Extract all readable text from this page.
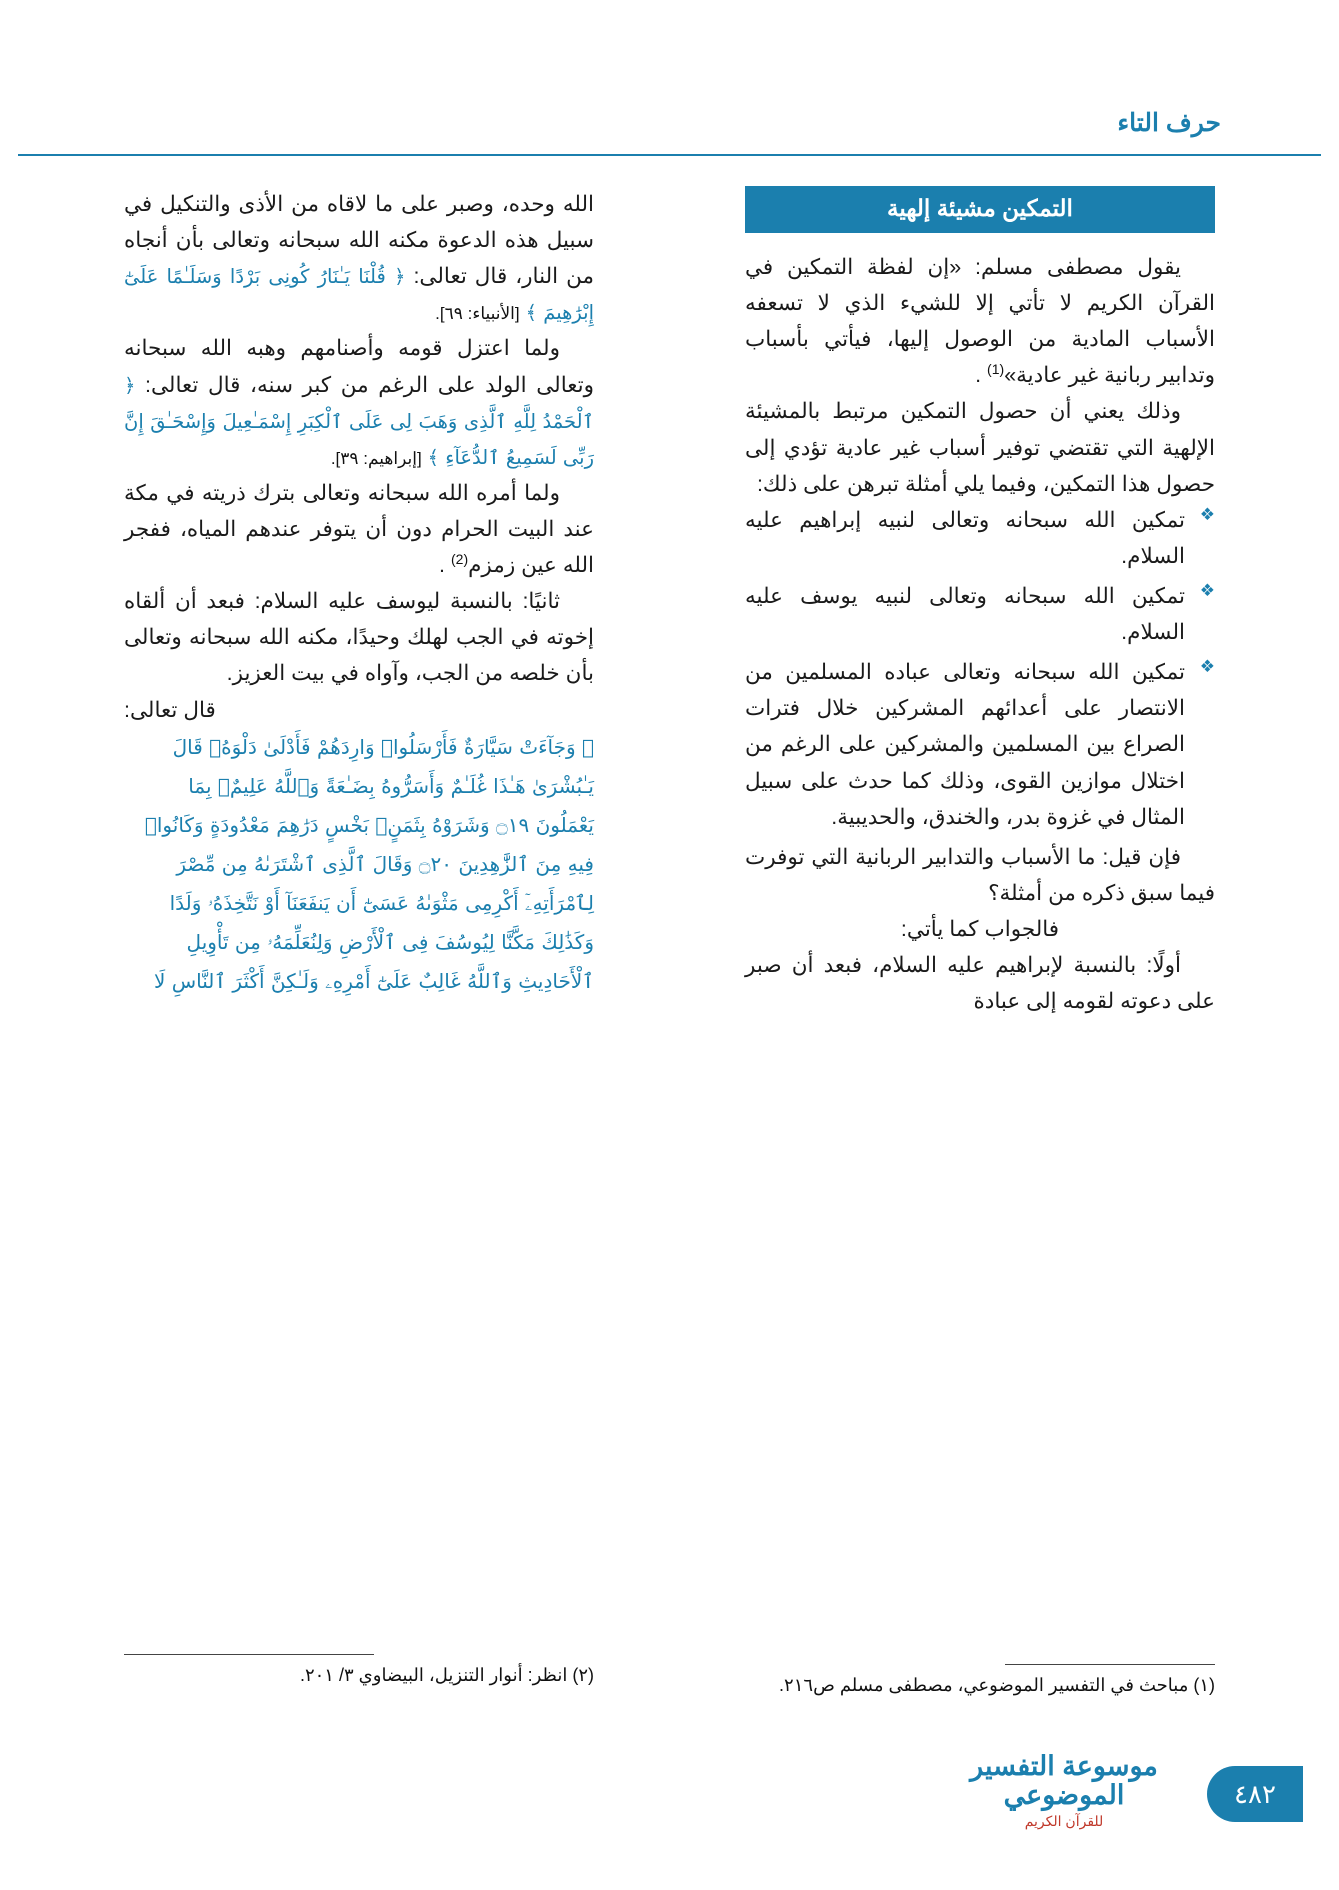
حرف التاء
التمكين مشيئة إلهية
يقول مصطفى مسلم: «إن لفظة التمكين في القرآن الكريم لا تأتي إلا للشيء الذي لا تسعفه الأسباب المادية من الوصول إليها، فيأتي بأسباب وتدابير ربانية غير عادية»$^{(1)}$ .
وذلك يعني أن حصول التمكين مرتبط بالمشيئة الإلهية التي تقتضي توفير أسباب غير عادية تؤدي إلى حصول هذا التمكين، وفيما يلي أمثلة تبرهن على ذلك:
❖
تمكين الله سبحانه وتعالى لنبيه إبراهيم عليه السلام.
❖
تمكين الله سبحانه وتعالى لنبيه يوسف عليه السلام.
❖
تمكين الله سبحانه وتعالى عباده المسلمين من الانتصار على أعدائهم المشركين خلال فترات الصراع بين المسلمين والمشركين على الرغم من اختلال موازين القوى، وذلك كما حدث على سبيل المثال في غزوة بدر، والخندق، والحديبية.
فإن قيل: ما الأسباب والتدابير الربانية التي توفرت فيما سبق ذكره من أمثلة؟
فالجواب كما يأتي:
أولًا: بالنسبة لإبراهيم عليه السلام، فبعد أن صبر على دعوته لقومه إلى عبادة
الله وحده، وصبر على ما لاقاه من الأذى والتنكيل في سبيل هذه الدعوة مكنه الله سبحانه وتعالى بأن أنجاه من النار، قال تعالى: ﴿ قُلْنَا يَـٰنَارُ كُونِى بَرْدًا وَسَلَـٰمًا عَلَىٰٓ إِبْرَٰهِيمَ ﴾ [الأنبياء: ٦٩].
ولما اعتزل قومه وأصنامهم وهبه الله سبحانه وتعالى الولد على الرغم من كبر سنه، قال تعالى: ﴿ ٱلْحَمْدُ لِلَّهِ ٱلَّذِى وَهَبَ لِى عَلَى ٱلْكِبَرِ إِسْمَـٰعِيلَ وَإِسْحَـٰقَ إِنَّ رَبِّى لَسَمِيعُ ٱلدُّعَآءِ ﴾ [إبراهيم: ٣٩].
ولما أمره الله سبحانه وتعالى بترك ذريته في مكة عند البيت الحرام دون أن يتوفر عندهم المياه، ففجر الله عين زمزم$^{(2)}$ .
ثانيًا: بالنسبة ليوسف عليه السلام: فبعد أن ألقاه إخوته في الجب لهلك وحيدًا، مكنه الله سبحانه وتعالى بأن خلصه من الجب، وآواه في بيت العزيز.
قال تعالى:
﴿ وَجَآءَتْ سَيَّارَةٌ فَأَرْسَلُوا۟ وَارِدَهُمْ فَأَدْلَىٰ دَلْوَهُۥ قَالَ يَـٰبُشْرَىٰ هَـٰذَا غُلَـٰمٌ وَأَسَرُّوهُ بِضَـٰعَةً وَٱللَّهُ عَلِيمٌۢ بِمَا يَعْمَلُونَ ۝١٩ وَشَرَوْهُ بِثَمَنٍۭ بَخْسٍ دَرَٰهِمَ مَعْدُودَةٍ وَكَانُوا۟ فِيهِ مِنَ ٱلزَّٰهِدِينَ ۝٢٠ وَقَالَ ٱلَّذِى ٱشْتَرَىٰهُ مِن مِّصْرَ لِٱمْرَأَتِهِۦٓ أَكْرِمِى مَثْوَىٰهُ عَسَىٰٓ أَن يَنفَعَنَآ أَوْ نَتَّخِذَهُۥ وَلَدًا وَكَذَٰلِكَ مَكَّنَّا لِيُوسُفَ فِى ٱلْأَرْضِ وَلِنُعَلِّمَهُۥ مِن تَأْوِيلِ ٱلْأَحَادِيثِ وَٱللَّهُ غَالِبٌ عَلَىٰٓ أَمْرِهِۦ وَلَـٰكِنَّ أَكْثَرَ ٱلنَّاسِ لَا
(١) مباحث في التفسير الموضوعي، مصطفى مسلم ص٢١٦.
(٢) انظر: أنوار التنزيل، البيضاوي ٣/ ٢٠١.
موسوعة التفسير الموضوعي
للقرآن الكريم
٤٨٢
